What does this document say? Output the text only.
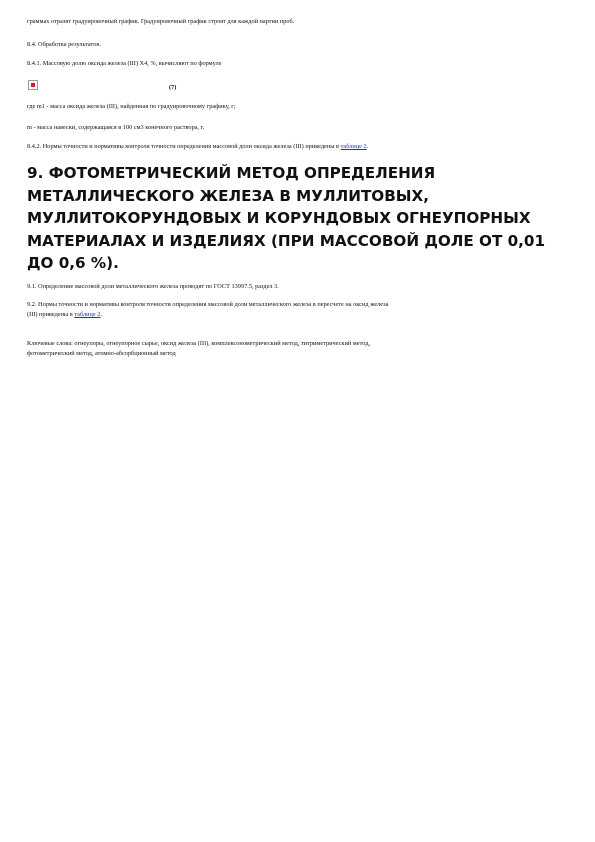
граммах отразят градуировочный график. Градуировочный график строят для каждой партии проб.
8.4. Обработка результатов.
8.4.1. Массовую долю оксида железа (III) Х4, %, вычисляют по формуле
(7)
где m1 - масса оксида железа (III), найденная по градуировочному графику, г;
m - масса навески, содержащаяся в 100 см3 конечного раствора, г.
8.4.2. Нормы точности и нормативы контроля точности определения массовой доли оксида железа (III) приведены в таблице 2.
9. ФОТОМЕТРИЧЕСКИЙ МЕТОД ОПРЕДЕЛЕНИЯ
МЕТАЛЛИЧЕСКОГО ЖЕЛЕЗА В МУЛЛИТОВЫХ,
МУЛЛИТОКОРУНДОВЫХ И КОРУНДОВЫХ ОГНЕУПОРНЫХ
МАТЕРИАЛАХ И ИЗДЕЛИЯХ (ПРИ МАССОВОЙ ДОЛЕ ОТ 0,01
ДО 0,6 %).
9.1. Определение массовой доли металлического железа проводят по ГОСТ 13997.5, раздел 3.
9.2. Нормы точности и нормативы контроля точности определения массовой доли металлического железа в пересчете на оксид железа
(III) приведены в таблице 2.
Ключевые слова: огнеупоры, огнеупорное сырье, оксид железа (III), комплексонометрический метод, титриметрический метод,
фотометрический метод, атомно-абсорбционный метод
